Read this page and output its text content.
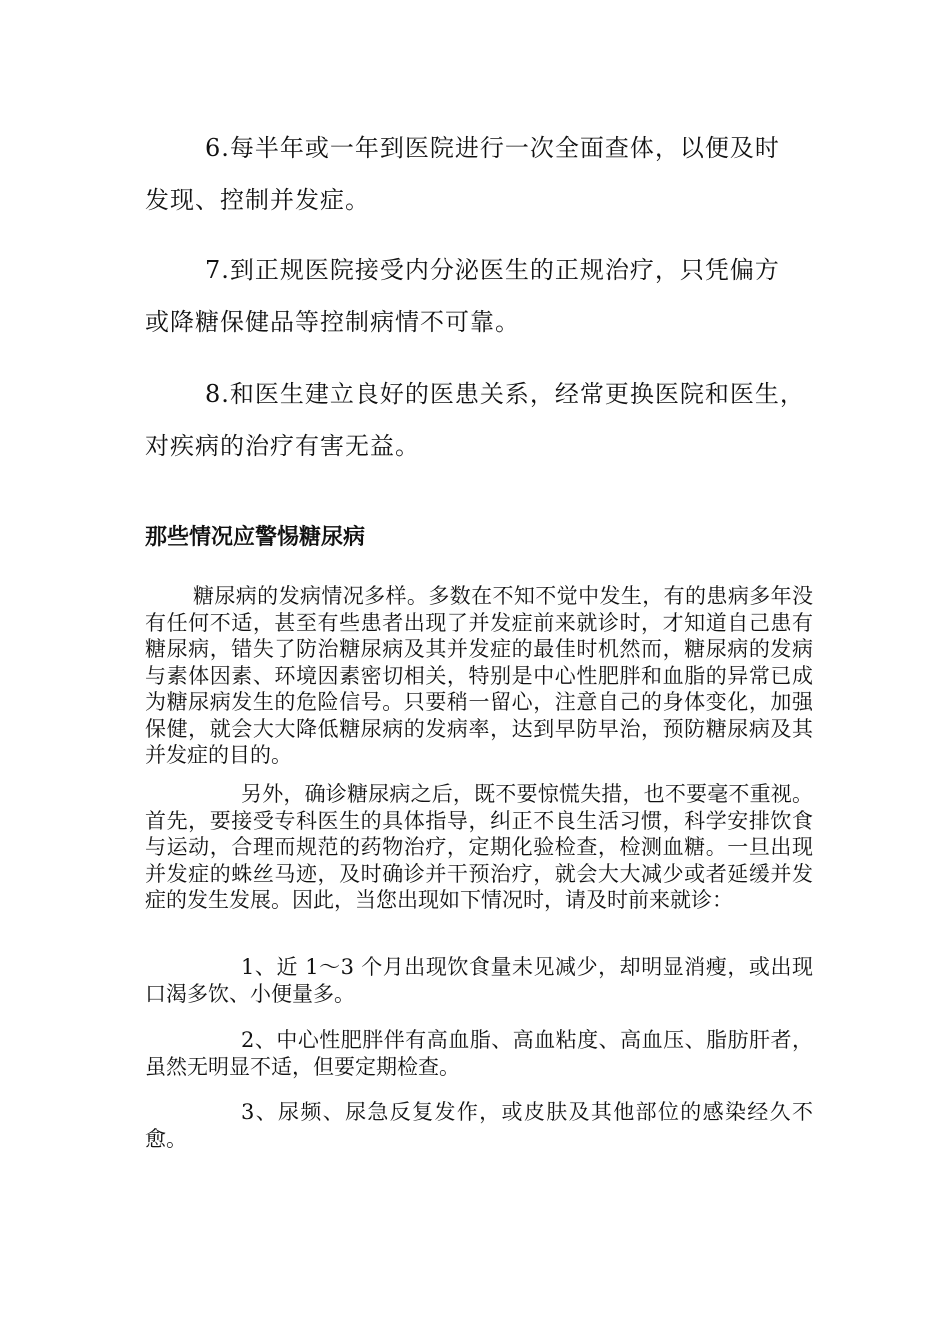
6.每半年或一年到医院进行一次全面查体，以便及时

发现、控制并发症。

7.到正规医院接受内分泌医生的正规治疗，只凭偏方

或降糖保健品等控制病情不可靠。

8.和医生建立良好的医患关系，经常更换医院和医生，

对疾病的治疗有害无益。

那些情况应警惕糖尿病

糖尿病的发病情况多样。多数在不知不觉中发生，有的患病多年没有任何不适，甚至有些患者出现了并发症前来就诊时，才知道自己患有糖尿病，错失了防治糖尿病及其并发症的最佳时机然而，糖尿病的发病与素体因素、环境因素密切相关，特别是中心性肥胖和血脂的异常已成为糖尿病发生的危险信号。只要稍一留心，注意自己的身体变化，加强保健，就会大大降低糖尿病的发病率，达到早防早治，预防糖尿病及其并发症的目的。

另外，确诊糖尿病之后，既不要惊慌失措，也不要毫不重视。首先，要接受专科医生的具体指导，纠正不良生活习惯，科学安排饮食与运动，合理而规范的药物治疗，定期化验检查，检测血糖。一旦出现并发症的蛛丝马迹，及时确诊并干预治疗，就会大大减少或者延缓并发症的发生发展。因此，当您出现如下情况时，请及时前来就诊：

1、近 1～3 个月出现饮食量未见减少，却明显消瘦，或出现口渴多饮、小便量多。

2、中心性肥胖伴有高血脂、高血粘度、高血压、脂肪肝者，虽然无明显不适，但要定期检查。

3、尿频、尿急反复发作，或皮肤及其他部位的感染经久不愈。
